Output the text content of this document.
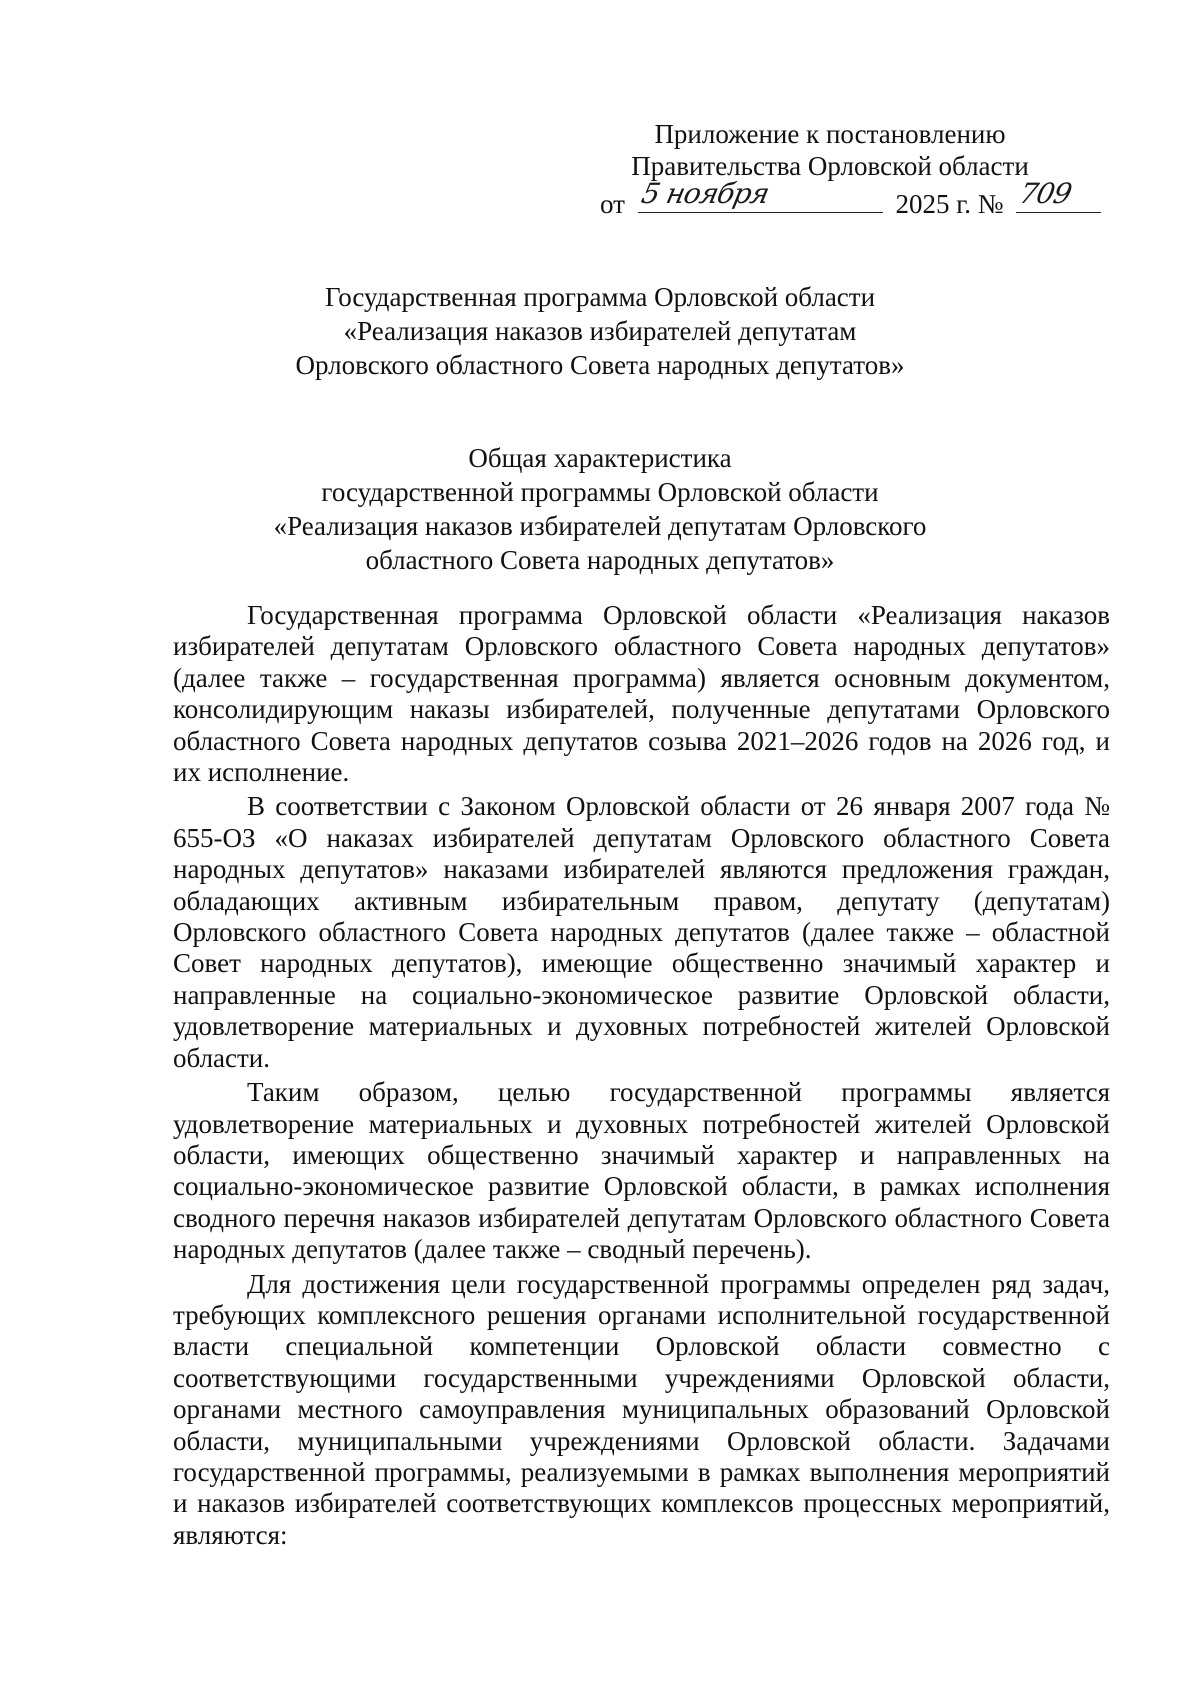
Приложение к постановлению
Правительства Орловской области
от 5 ноября	2025 г. № 709
Государственная программа Орловской области
«Реализация наказов избирателей депутатам
Орловского областного Совета народных депутатов»
Общая характеристика
государственной программы Орловской области
«Реализация наказов избирателей депутатам Орловского
областного Совета народных депутатов»

Государственная программа Орловской области «Реализация наказов избирателей депутатам Орловского областного Совета народных депутатов» (далее также – государственная программа) является основным документом, консолидирующим наказы избирателей, полученные депутатами Орловского областного Совета народных депутатов созыва 2021–2026 годов на 2026 год, и их исполнение.

В соответствии с Законом Орловской области от 26 января 2007 года № 655-ОЗ «О наказах избирателей депутатам Орловского областного Совета народных депутатов» наказами избирателей являются предложения граждан, обладающих активным избирательным правом, депутату (депутатам) Орловского областного Совета народных депутатов (далее также – областной Совет народных депутатов), имеющие общественно значимый характер и направленные на социально-экономическое развитие Орловской области, удовлетворение материальных и духовных потребностей жителей Орловской области.

Таким образом, целью государственной программы является удовлетворение материальных и духовных потребностей жителей Орловской области, имеющих общественно значимый характер и направленных на социально-экономическое развитие Орловской области, в рамках исполнения сводного перечня наказов избирателей депутатам Орловского областного Совета народных депутатов (далее также – сводный перечень).

Для достижения цели государственной программы определен ряд задач, требующих комплексного решения органами исполнительной государственной власти специальной компетенции Орловской области совместно с соответствующими государственными учреждениями Орловской области, органами местного самоуправления муниципальных образований Орловской области, муниципальными учреждениями Орловской области. Задачами государственной программы, реализуемыми в рамках выполнения мероприятий и наказов избирателей соответствующих комплексов процессных мероприятий, являются:
